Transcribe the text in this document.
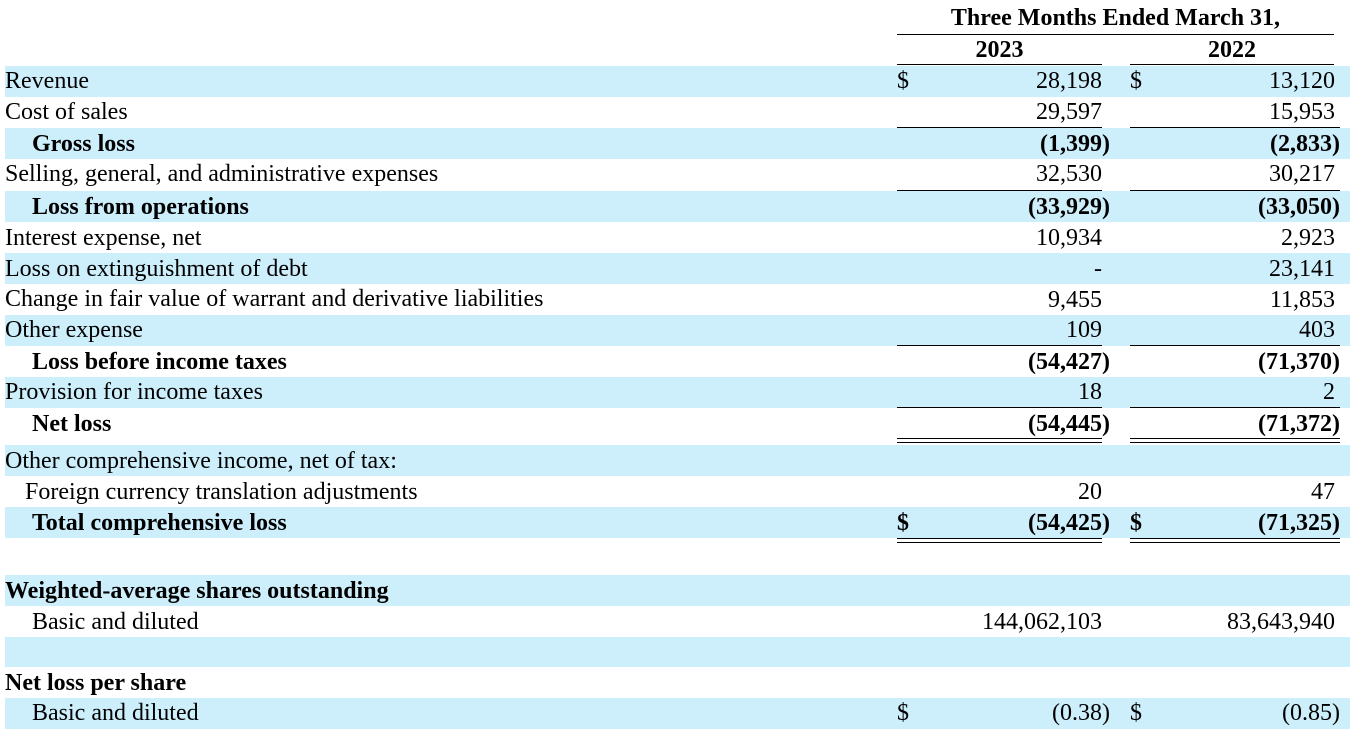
Three Months Ended March 31,
2023	2022
Revenue	$	28,198 $	13,120
Cost of sales	29,597	15,953
Gross loss	(1,399)	(2,833)
Selling, general, and administrative expenses	32,530	30,217
Loss from operations	(33,929)	(33,050)
Interest expense, net	10,934	2,923
Loss on extinguishment of debt	-	23,141
Change in fair value of warrant and derivative liabilities	9,455	11,853
Other expense	109	403
Loss before income taxes	(54,427)	(71,370)
Provision for income taxes	18	2
Net loss	(54,445)	(71,372)
Other comprehensive income, net of tax:
Foreign currency translation adjustments	20	47
Total comprehensive loss	$	(54,425) $	(71,325)
Weighted-average shares outstanding
Basic and diluted	144,062,103	83,643,940
Net loss per share
Basic and diluted	$	(0.38) $	(0.85)
